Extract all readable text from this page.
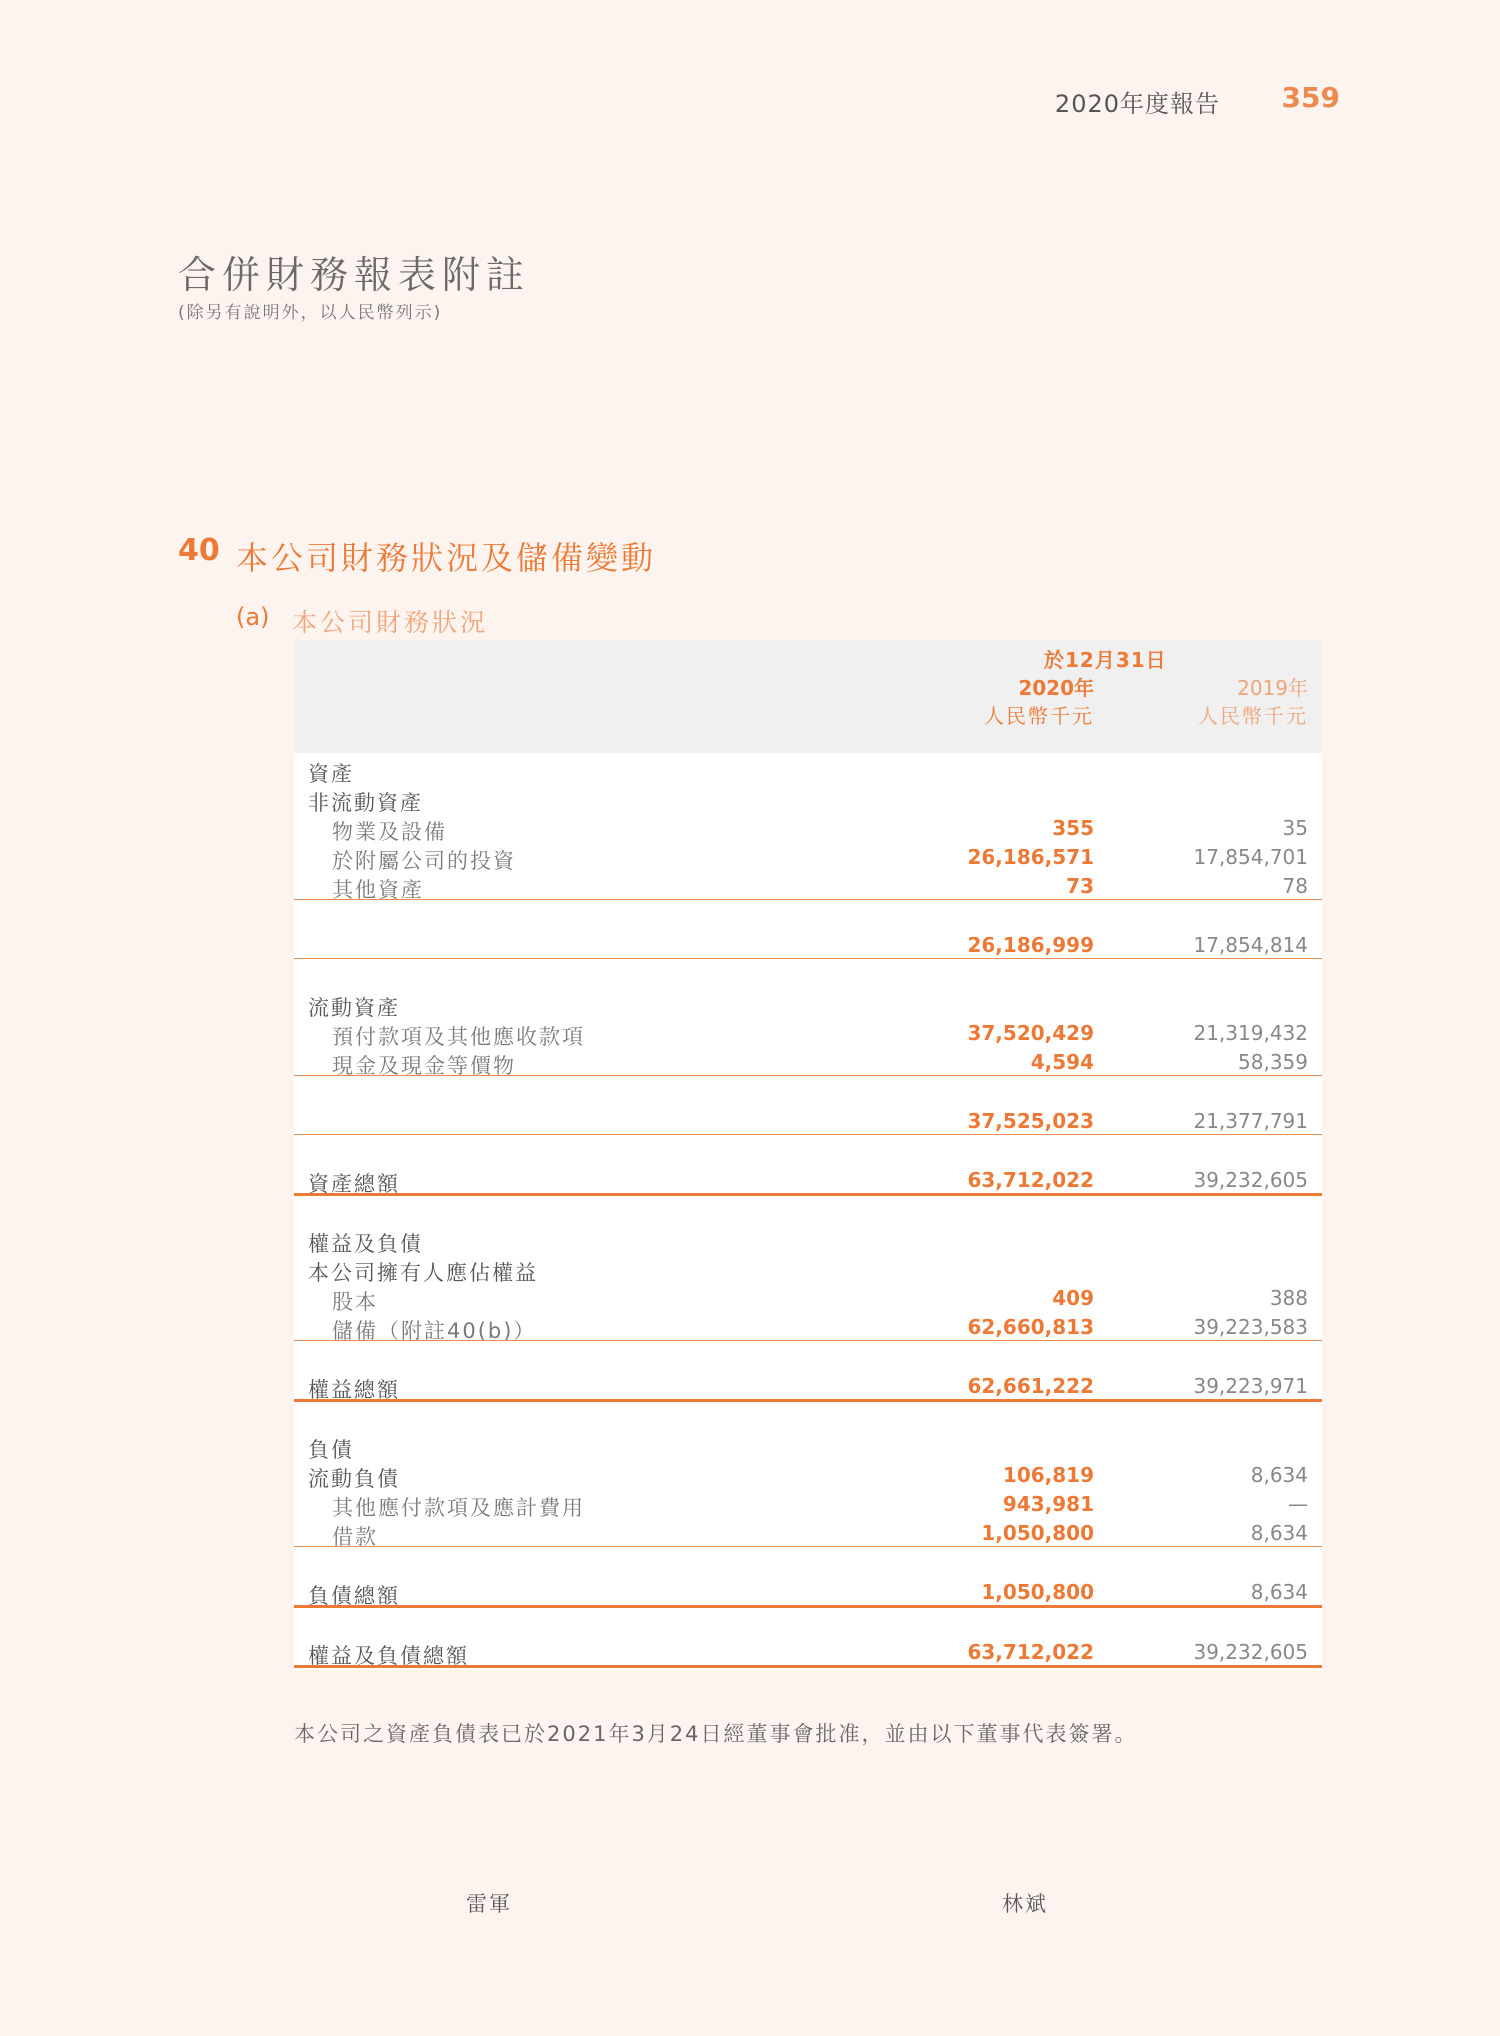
2020年度報告	359
合併財務報表附註
(除另有說明外，以人民幣列示)
40 本公司財務狀況及儲備變動
(a) 本公司財務狀況
於12月31日
2020年	2019年
人民幣千元	人民幣千元
資產
非流動資產
物業及設備	355	35
於附屬公司的投資	26,186,571	17,854,701
其他資產	73	78
26,186,999	17,854,814
流動資產
預付款項及其他應收款項	37,520,429	21,319,432
現金及現金等價物	4,594	58,359
37,525,023	21,377,791
資產總額	63,712,022	39,232,605
權益及負債
本公司擁有人應佔權益
股本	409	388
儲備（附註40(b)）	62,660,813	39,223,583
權益總額	62,661,222	39,223,971
負債
流動負債	106,819	8,634
其他應付款項及應計費用	943,981	—
借款	1,050,800	8,634
負債總額	1,050,800	8,634
權益及負債總額	63,712,022	39,232,605
本公司之資產負債表已於2021年3月24日經董事會批准，並由以下董事代表簽署。
雷軍	林斌
